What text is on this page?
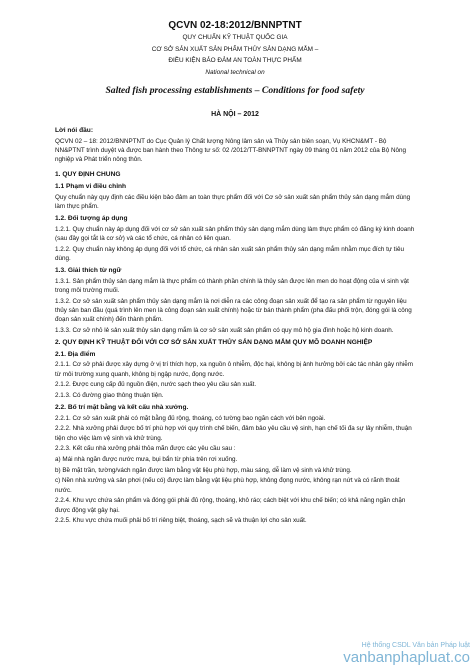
QCVN 02-18:2012/BNNPTNT
QUY CHUẨN KỸ THUẬT QUỐC GIA
CƠ SỞ SẢN XUẤT SẢN PHẨM THỦY SẢN DẠNG MẮM –
ĐIỀU KIỆN BẢO ĐẢM AN TOÀN THỰC PHẨM
National technical on
Salted fish processing establishments – Conditions for food safety
HÀ NỘI – 2012
Lời nói đầu:
QCVN 02 – 18: 2012/BNNPTNT do Cục Quản lý Chất lượng Nông lâm sản và Thủy sản biên soạn, Vụ KHCN&MT - Bộ NN&PTNT trình duyệt và được ban hành theo Thông tư số: 02 /2012/TT-BNNPTNT ngày 09 tháng 01 năm 2012 của Bộ Nông nghiệp và Phát triển nông thôn.
1. QUY ĐỊNH CHUNG
1.1 Phạm vi điều chỉnh
Quy chuẩn này quy định các điều kiện bảo đảm an toàn thực phẩm đối với Cơ sở sản xuất sản phẩm thủy sản dạng mắm dùng làm thực phẩm.
1.2. Đối tượng áp dụng
1.2.1. Quy chuẩn này áp dụng đối với cơ sở sản xuất sản phẩm thủy sản dạng mắm dùng làm thực phẩm có đăng ký kinh doanh (sau đây gọi tắt là cơ sở) và các tổ chức, cá nhân có liên quan.
1.2.2. Quy chuẩn này không áp dụng đối với tổ chức, cá nhân sản xuất sản phẩm thủy sản dạng mắm nhằm mục đích tự tiêu dùng.
1.3. Giải thích từ ngữ
1.3.1. Sản phẩm thủy sản dạng mắm là thực phẩm có thành phần chính là thủy sản được lên men do hoạt động của vi sinh vật trong môi trường muối.
1.3.2. Cơ sở sản xuất sản phẩm thủy sản dạng mắm là nơi diễn ra các công đoạn sản xuất để tạo ra sản phẩm từ nguyên liệu thủy sản ban đầu (quá trình lên men là công đoạn sản xuất chính) hoặc từ bán thành phẩm (pha đấu phối trộn, đóng gói là công đoạn sản xuất chính) đến thành phẩm.
1.3.3. Cơ sở nhỏ lẻ sản xuất thủy sản dạng mắm là cơ sở sản xuất sản phẩm có quy mô hộ gia đình hoặc hộ kinh doanh.
2. QUY ĐỊNH KỸ THUẬT ĐỐI VỚI CƠ SỞ SẢN XUẤT THỦY SẢN DẠNG MẮM QUY MÔ DOANH NGHIỆP
2.1. Địa điểm
2.1.1. Cơ sở phải được xây dựng ở vị trí thích hợp, xa nguồn ô nhiễm, độc hại, không bị ảnh hưởng bởi các tác nhân gây nhiễm từ môi trường xung quanh, không bị ngập nước, đọng nước.
2.1.2. Được cung cấp đủ nguồn điện, nước sạch theo yêu cầu sản xuất.
2.1.3. Có đường giao thông thuận tiện.
2.2. Bố trí mặt bằng và kết cấu nhà xưởng.
2.2.1. Cơ sở sản xuất phải có mặt bằng đủ rộng, thoáng, có tường bao ngăn cách với bên ngoài.
2.2.2. Nhà xưởng phải được bố trí phù hợp với quy trình chế biến, đảm bảo yêu cầu vệ sinh, hạn chế tối đa sự lây nhiễm, thuận tiện cho việc làm vệ sinh và khử trùng.
2.2.3. Kết cấu nhà xưởng phải thỏa mãn được các yêu cầu sau :
a) Mái nhà ngăn được nước mưa, bụi bẩn từ phía trên rơi xuống.
b) Bề mặt trần, tường/vách ngăn được làm bằng vật liệu phù hợp, màu sáng, dễ làm vệ sinh và khử trùng.
c) Nền nhà xưởng và sân phơi (nếu có) được làm bằng vật liệu phù hợp, không đọng nước, không rạn nứt và có rãnh thoát nước.
2.2.4. Khu vực chứa sản phẩm và đóng gói phải đủ rộng, thoáng, khô ráo; cách biệt với khu chế biến; có khả năng ngăn chặn được động vật gây hại.
2.2.5. Khu vực chứa muối phải bố trí riêng biệt, thoáng, sạch sẽ và thuận lợi cho sản xuất.
Hệ thống CSDL Văn bản Pháp luật
vanbanphapluat.co
